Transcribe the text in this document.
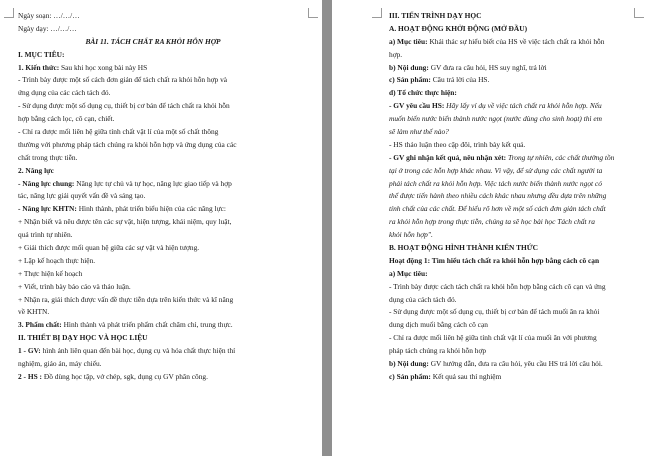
Ngày soạn: …/…/…
Ngày dạy: …/…/…
BÀI 11. TÁCH CHẤT RA KHỎI HỖN HỢP
I. MỤC TIÊU:
1. Kiến thức: Sau khi học xong bài này HS
- Trình bày được một số cách đơn giản để tách chất ra khỏi hỗn hợp và
ứng dụng của các cách tách đó.
- Sử dụng được một số dụng cụ, thiết bị cơ bản để tách chất ra khỏi hỗn
hợp bằng cách lọc, cô cạn, chiết.
- Chỉ ra được mối liên hệ giữa tính chất vật lí của một số chất thông
thường với phương pháp tách chúng ra khỏi hỗn hợp và ứng dụng của các
chất trong thực tiễn.
2. Năng lực
- Năng lực chung: Năng lực tự chủ và tự học, năng lực giao tiếp và hợp
tác, năng lực giải quyết vấn đề và sáng tạo.
- Năng lực KHTN: Hình thành, phát triển biểu hiện của các năng lực:
+ Nhận biết và nêu được tên các sự vật, hiện tượng, khái niệm, quy luật,
quá trình tự nhiên.
+ Giải thích được mối quan hệ giữa các sự vật và hiện tượng.
+ Lập kế hoạch thực hiện.
+ Thực hiện kế hoạch
+ Viết, trình bày báo cáo và thảo luận.
+ Nhận ra, giải thích được vấn đề thực tiễn dựa trên kiến thức và kĩ năng
về KHTN.
3. Phẩm chất: Hình thành và phát triển phẩm chất chăm chỉ, trung thực.
II. THIẾT BỊ DẠY HỌC VÀ HỌC LIỆU
1 - GV: hình ảnh liên quan đến bài học, dụng cụ và hóa chất thực hiện thí
nghiệm, giáo án, máy chiếu.
2 - HS : Đồ dùng học tập, vở chép, sgk, dụng cụ GV phân công.
III. TIẾN TRÌNH DẠY HỌC
A. HOẠT ĐỘNG KHỞI ĐỘNG (MỞ ĐẦU)
a) Mục tiêu: Khái thác sự hiểu biết của HS về việc tách chất ra khỏi hỗn
hợp.
b) Nội dung: GV đưa ra câu hỏi, HS suy nghĩ, trả lời
c) Sản phẩm: Câu trả lời của HS.
d) Tổ chức thực hiện:
- GV yêu cầu HS: Hãy lấy ví dụ về việc tách chất ra khỏi hỗn hợp. Nếu
muốn biến nước biển thành nước ngọt (nước dùng cho sinh hoạt) thì em
sẽ làm như thế nào?
- HS thảo luận theo cặp đôi, trình bày kết quả.
- GV ghi nhận kết quả, nêu nhận xét: Trong tự nhiên, các chất thường tồn
tại ở trong các hỗn hợp khác nhau. Vì vậy, để sử dụng các chất người ta
phải tách chất ra khỏi hỗn hợp. Việc tách nước biển thành nước ngọt có
thể được tiến hành theo nhiều cách khác nhau nhưng đều dựa trên những
tính chất của các chất. Để hiểu rõ hơn về một số cách đơn giản tách chất
ra khỏi hỗn hợp trong thực tiễn, chúng ta sẽ học bài học Tách chất ra
khỏi hỗn hợp".
B. HOẠT ĐỘNG HÌNH THÀNH KIẾN THỨC
Hoạt động 1: Tìm hiểu tách chất ra khỏi hỗn hợp bằng cách cô cạn
a) Mục tiêu:
- Trình bày được cách tách chất ra khỏi hỗn hợp bằng cách cô cạn và ứng
dụng của cách tách đó.
- Sử dụng được một số dụng cụ, thiết bị cơ bản để tách muối ăn ra khỏi
dung dịch muối bằng cách cô cạn
- Chỉ ra được mối liên hệ giữa tính chất vật lí của muối ăn với phương
pháp tách chúng ra khỏi hỗn hợp
b) Nội dung: GV hướng dẫn, đưa ra câu hỏi, yêu cầu HS trả lời câu hỏi.
c) Sản phẩm: Kết quả sau thí nghiệm
